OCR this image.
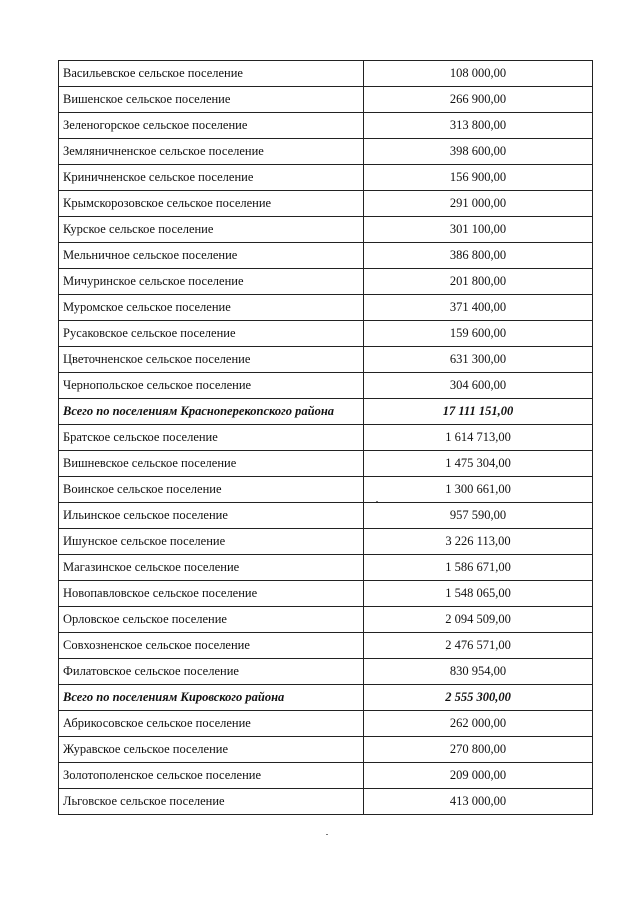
Васильевское сельское поселение	108 000,00
Вишенское сельское поселение	266 900,00
Зеленогорское сельское поселение	313 800,00
Земляничненское сельское поселение	398 600,00
Криничненское сельское поселение	156 900,00
Крымскорозовское сельское поселение	291 000,00
Курское сельское поселение	301 100,00
Мельничное сельское поселение	386 800,00
Мичуринское сельское поселение	201 800,00
Муромское сельское поселение	371 400,00
Русаковское сельское поселение	159 600,00
Цветочненское сельское поселение	631 300,00
Чернопольское сельское поселение	304 600,00
Всего по поселениям Красноперекопского района	17 111 151,00
Братское сельское поселение	1 614 713,00
Вишневское сельское поселение	1 475 304,00
Воинское сельское поселение	1 300 661,00
Ильинское сельское поселение	957 590,00
Ишунское сельское поселение	3 226 113,00
Магазинское сельское поселение	1 586 671,00
Новопавловское сельское поселение	1 548 065,00
Орловское сельское поселение	2 094 509,00
Совхозненское сельское поселение	2 476 571,00
Филатовское сельское поселение	830 954,00
Всего по поселениям Кировского района	2 555 300,00
Абрикосовское сельское поселение	262 000,00
Журавское сельское поселение	270 800,00
Золотополенское сельское поселение	209 000,00
Льговское сельское поселение	413 000,00
